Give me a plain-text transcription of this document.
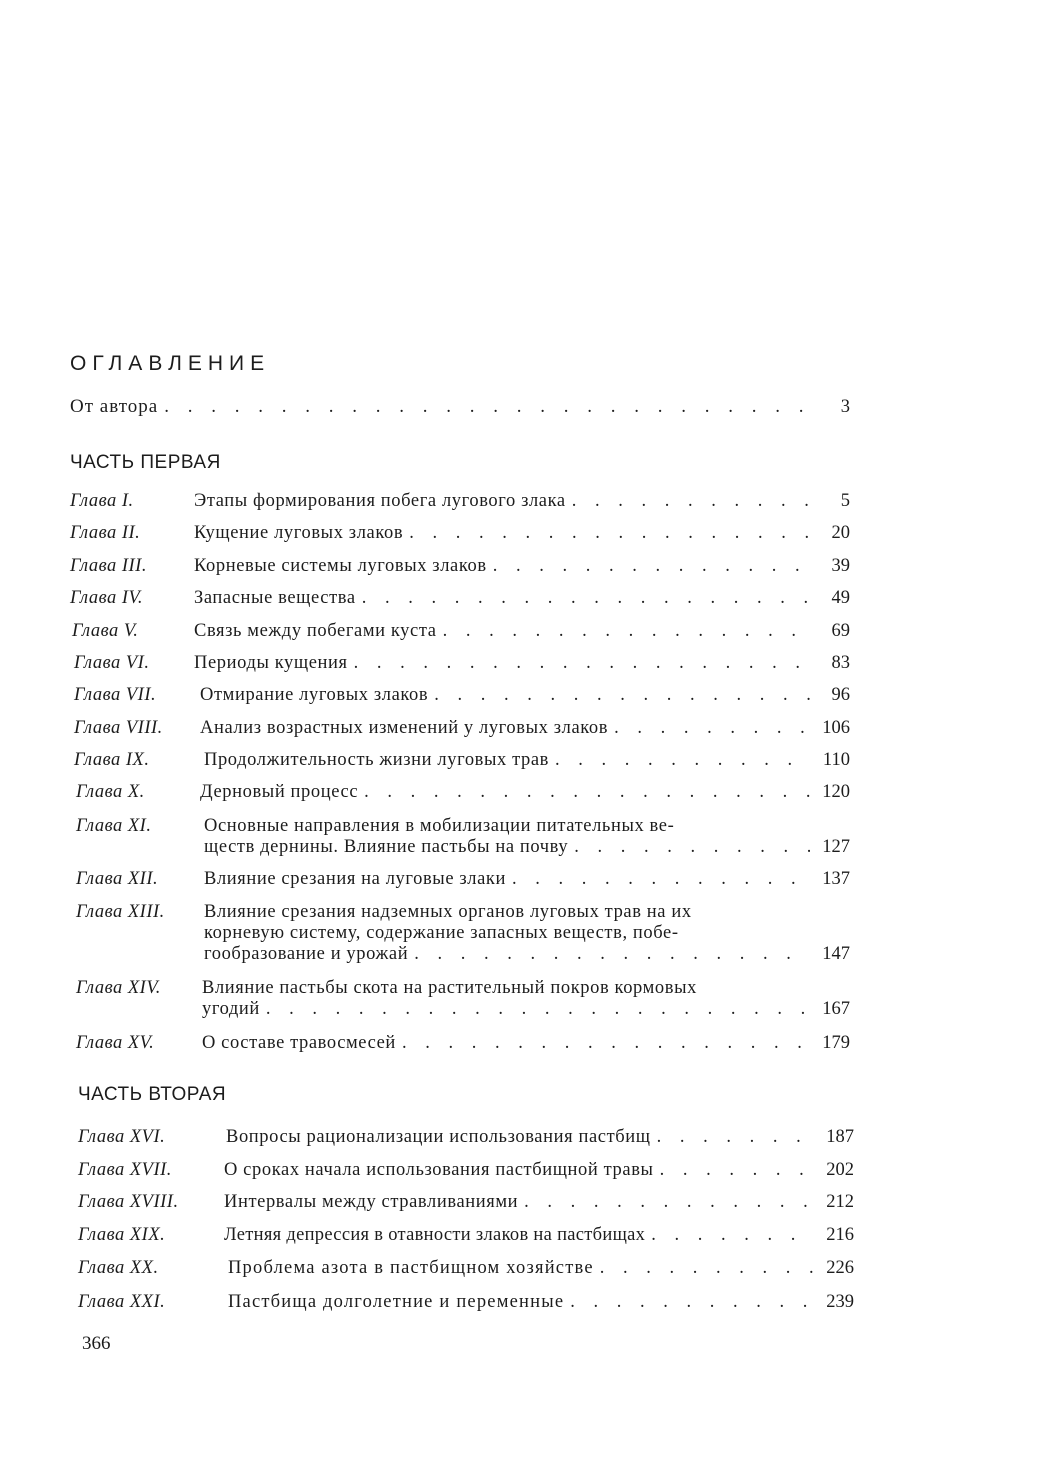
ОГЛАВЛЕНИЕ
От автора . . .	3
ЧАСТЬ ПЕРВАЯ
Глава I.	Этапы формирования побега лугового злака . . .	5
Глава II.	Кущение луговых злаков . . .	20
Глава III.	Корневые системы луговых злаков . . .	39
Глава IV.	Запасные вещества . . .	49
Глава V.	Связь между побегами куста . . .	69
Глава VI.	Периоды кущения . . .	83
Глава VII.	Отмирание луговых злаков . . .	96
Глава VIII.	Анализ возрастных изменений у луговых злаков . . .	106
Глава IX.	Продолжительность жизни луговых трав . . .	110
Глава X.	Дерновый процесс . . .	120
Глава XI.	Основные направления в мобилизации питательных ве-
ществ дернины. Влияние пастьбы на почву . . .	127
Глава XII.	Влияние срезания на луговые злаки . . .	137
Глава XIII.	Влияние срезания надземных органов луговых трав на их
корневую систему, содержание запасных веществ, побе-
гообразование и урожай . . .	147
Глава XIV.	Влияние пастьбы скота на растительный покров кормовых
угодий . . .	167
Глава XV.	О составе травосмесей . . .	179
ЧАСТЬ ВТОРАЯ
Глава XVI.	Вопросы рационализации использования пастбищ . . .	187
Глава XVII.	О сроках начала использования пастбищной травы . . .	202
Глава XVIII.	Интервалы между стравливаниями . . .	212
Глава XIX.	Летняя депрессия в отавности злаков на пастбищах . . .	216
Глава XX.	Проблема азота в пастбищном хозяйстве . . .	226
Глава XXI.	Пастбища долголетние и переменные . . .	239
366
